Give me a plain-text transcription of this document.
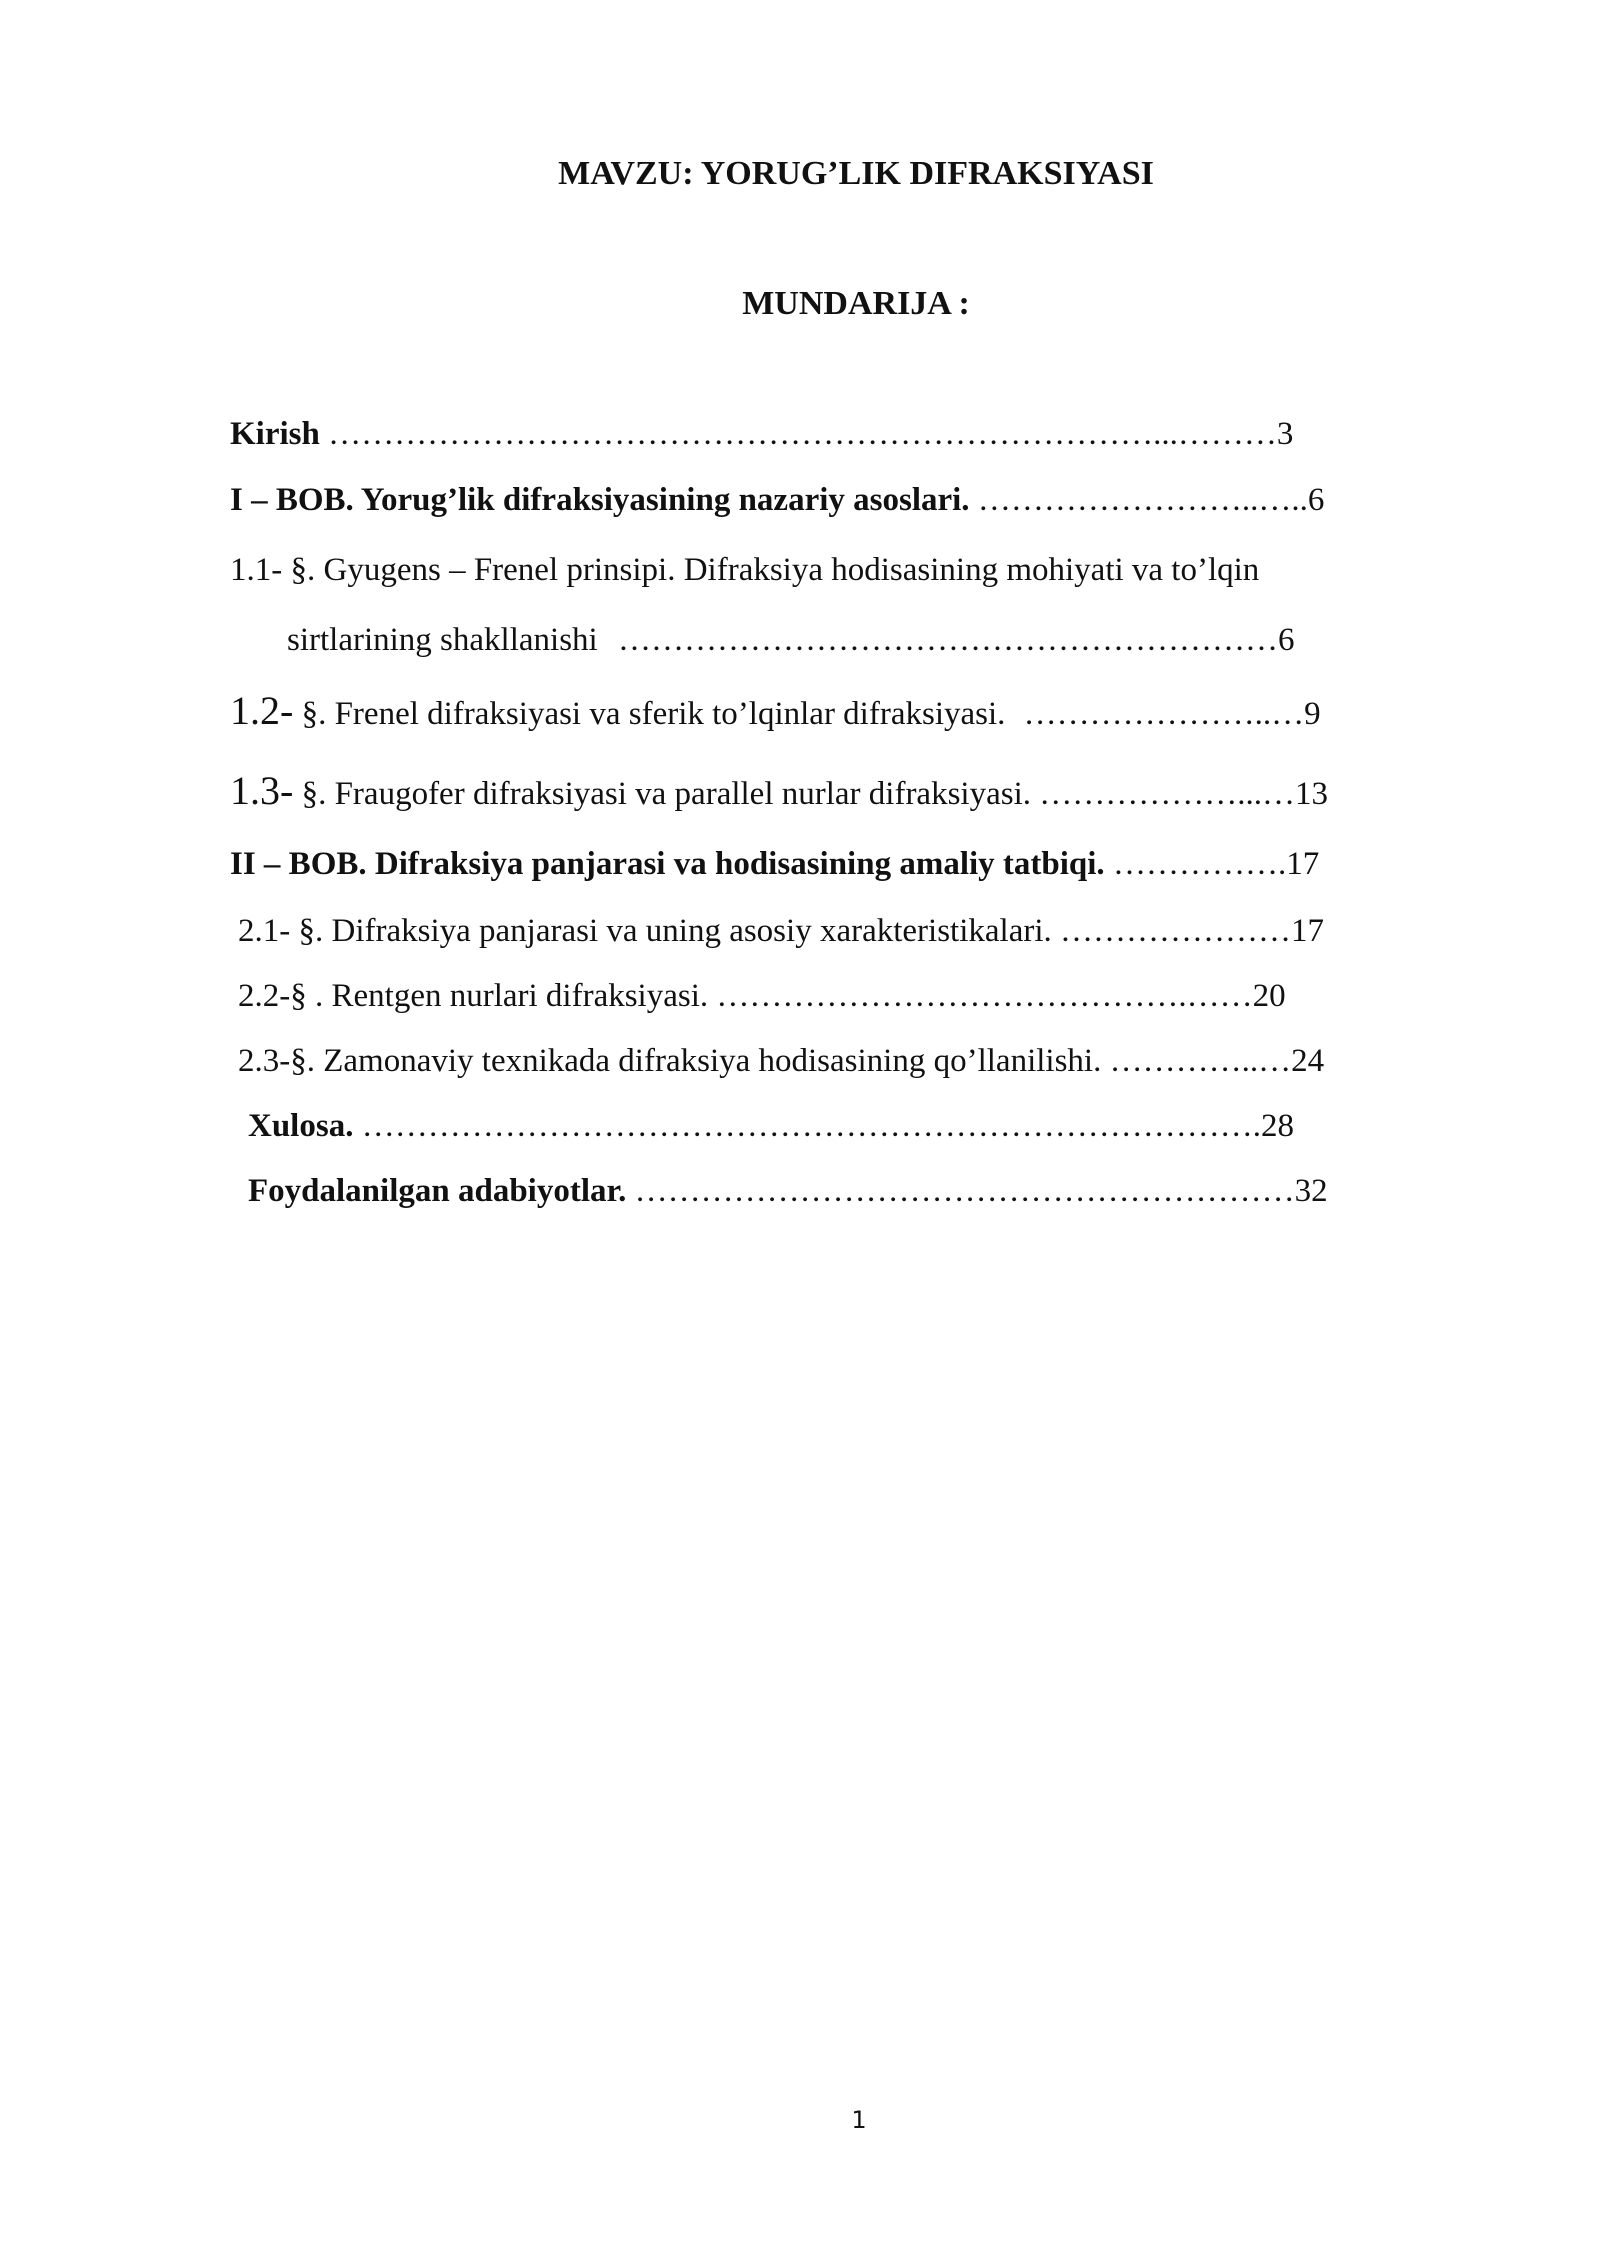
MAVZU: YORUG’LIK DIFRAKSIYASI
MUNDARIJA :
Kirish …………………………………………………………………...………3
I – BOB. Yorug’lik difraksiyasining nazariy asoslari. ……………………..…..6
1.1- §. Gyugens – Frenel prinsipi. Difraksiya hodisasining mohiyati va to’lqin
sirtlarining shakllanishi ……………………………………………………6
1.2- §. Frenel difraksiyasi va sferik to’lqinlar difraksiyasi. …………………..…9
1.3- §. Fraugofer difraksiyasi va parallel nurlar difraksiyasi. ………………...…13
II – BOB. Difraksiya panjarasi va hodisasining amaliy tatbiqi. …………….17
2.1- §. Difraksiya panjarasi va uning asosiy xarakteristikalari. …………………17
2.2-§ . Rentgen nurlari difraksiyasi. …………………………………….……20
2.3-§. Zamonaviy texnikada difraksiya hodisasining qo’llanilishi. …………..…24
Xulosa. ……………………………………………………………………….28
Foydalanilgan adabiyotlar. ……………………………………………………32
1
